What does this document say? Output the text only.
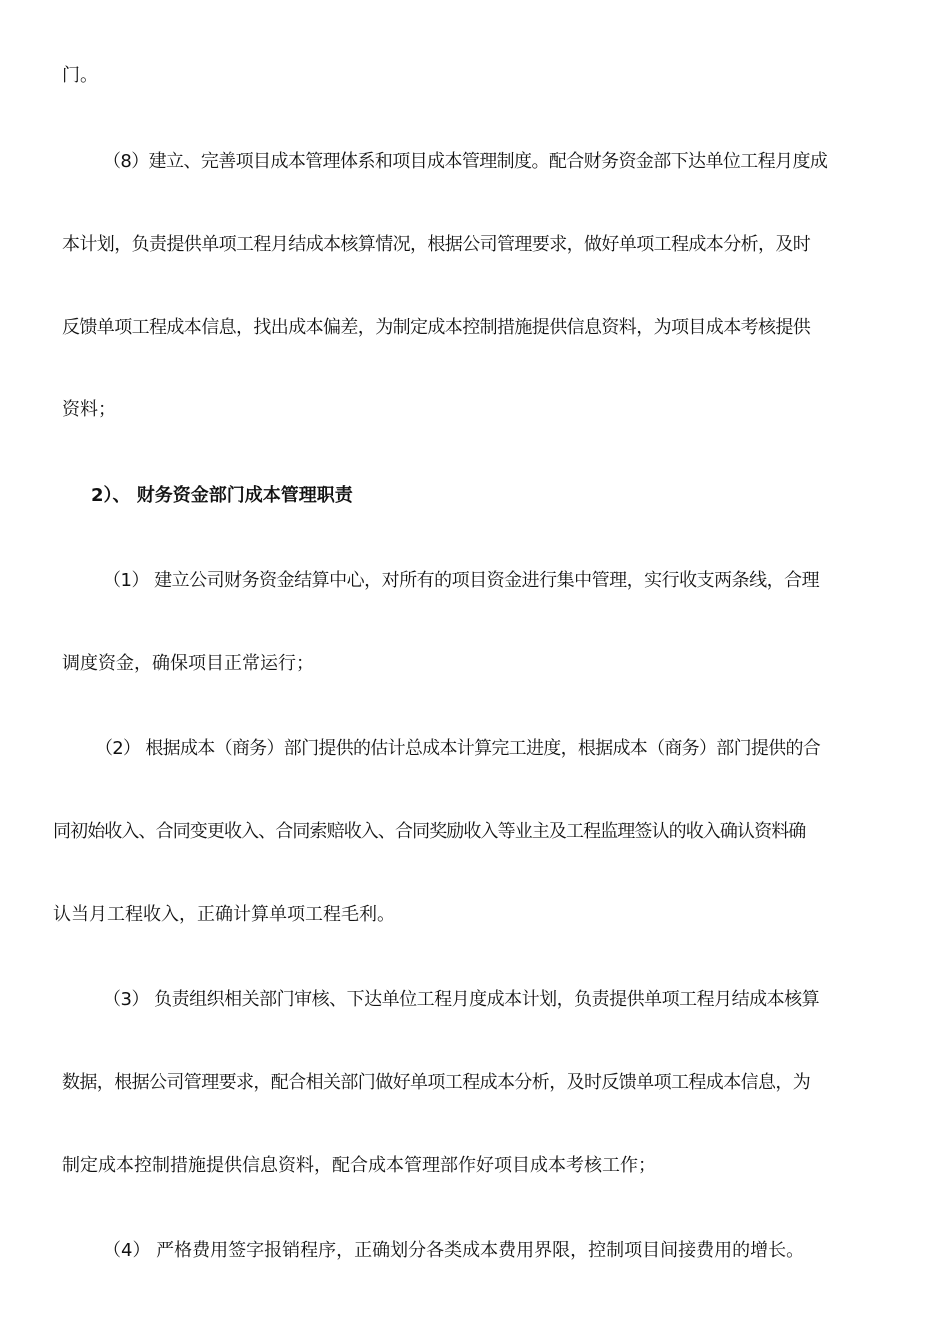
门。
（8）建立、完善项目成本管理体系和项目成本管理制度。配合财务资金部下达单位工程月度成
本计划，负责提供单项工程月结成本核算情况，根据公司管理要求，做好单项工程成本分析，及时
反馈单项工程成本信息，找出成本偏差，为制定成本控制措施提供信息资料，为项目成本考核提供
资料；
2）、 财务资金部门成本管理职责
（1） 建立公司财务资金结算中心，对所有的项目资金进行集中管理，实行收支两条线，合理
调度资金，确保项目正常运行；
（2） 根据成本（商务）部门提供的估计总成本计算完工进度，根据成本（商务）部门提供的合
同初始收入、合同变更收入、合同索赔收入、合同奖励收入等业主及工程监理签认的收入确认资料确
认当月工程收入，正确计算单项工程毛利。
（3） 负责组织相关部门审核、下达单位工程月度成本计划，负责提供单项工程月结成本核算
数据，根据公司管理要求，配合相关部门做好单项工程成本分析，及时反馈单项工程成本信息，为
制定成本控制措施提供信息资料，配合成本管理部作好项目成本考核工作；
（4） 严格费用签字报销程序，正确划分各类成本费用界限，控制项目间接费用的增长。
